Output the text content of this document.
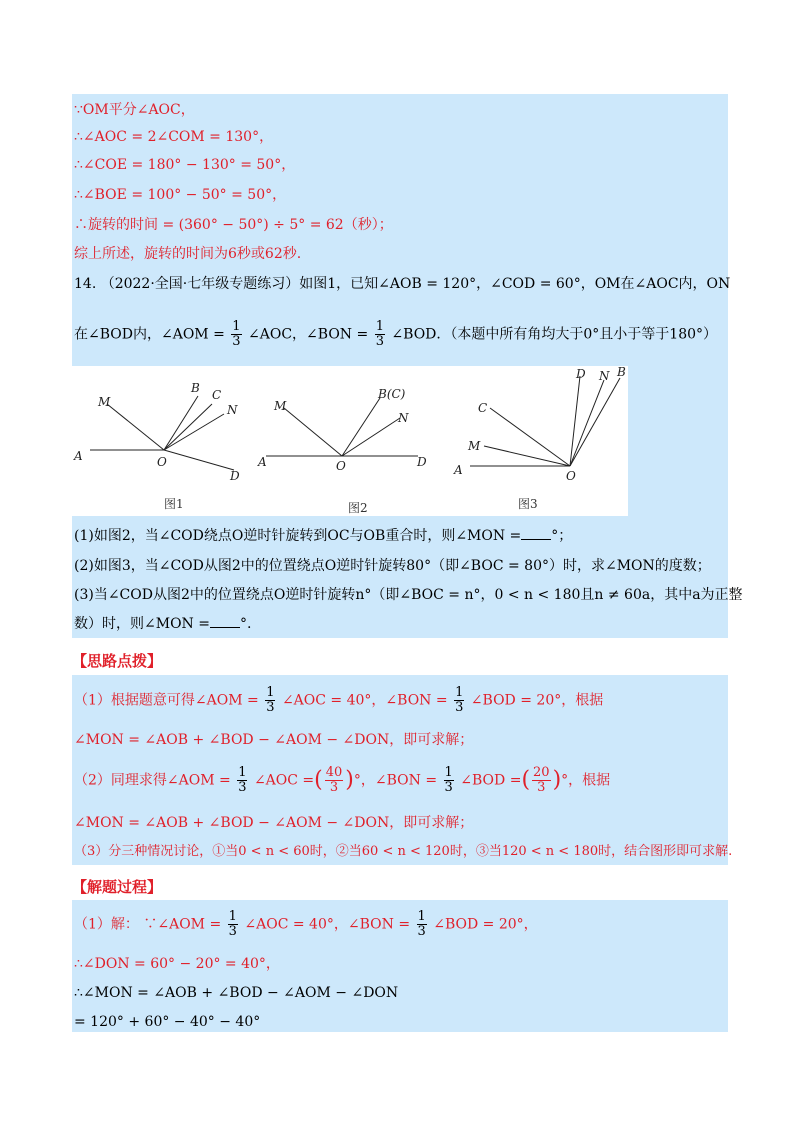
∵OM平分∠AOC，
∴∠AOC = 2∠COM = 130°，
∴∠COE = 180° − 130° = 50°，
∴∠BOE = 100° − 50° = 50°，
∴旋转的时间 = (360° − 50°) ÷ 5° = 62（秒）；
综上所述，旋转的时间为6秒或62秒.
14. （2022·全国·七年级专题练习）如图1，已知∠AOB = 120°，∠COD = 60°，OM在∠AOC内，ON
在∠BOD内，∠AOM = $\frac{1}{3}$ ∠AOC，∠BON = $\frac{1}{3}$ ∠BOD．（本题中所有角均大于0°且小于等于180°）
A
M
B C
N
O
D
图1
A
M
B(C)
N
O	D
图2
A
M
C
D N B
O
图3
(1)如图2，当∠COD绕点O逆时针旋转到OC与OB重合时，则∠MON = °；
(2)如图3，当∠COD从图2中的位置绕点O逆时针旋转80°（即∠BOC = 80°）时，求∠MON的度数；
(3)当∠COD从图2中的位置绕点O逆时针旋转n°（即∠BOC = n°，0 < n < 180且n ≠ 60a，其中a为正整
数）时，则∠MON = °.
【思路点拨】
（1）根据题意可得∠AOM = $\frac{1}{3}$ ∠AOC = 40°，∠BON = $\frac{1}{3}$ ∠BOD = 20°，根据
∠MON = ∠AOB + ∠BOD − ∠AOM − ∠DON，即可求解；
（2）同理求得∠AOM = $\frac{1}{3}$ ∠AOC =( $\frac{40}{3}$ )°，∠BON = $\frac{1}{3}$ ∠BOD =( $\frac{20}{3}$ )°，根据
∠MON = ∠AOB + ∠BOD − ∠AOM − ∠DON，即可求解；
（3）分三种情况讨论，①当0 < n < 60时，②当60 < n < 120时，③当120 < n < 180时，结合图形即可求解.
【解题过程】
（1）解： ∵∠AOM = $\frac{1}{3}$ ∠AOC = 40°，∠BON = $\frac{1}{3}$ ∠BOD = 20°，
∴∠DON = 60° − 20° = 40°，
∴∠MON = ∠AOB + ∠BOD − ∠AOM − ∠DON
= 120° + 60° − 40° − 40°
